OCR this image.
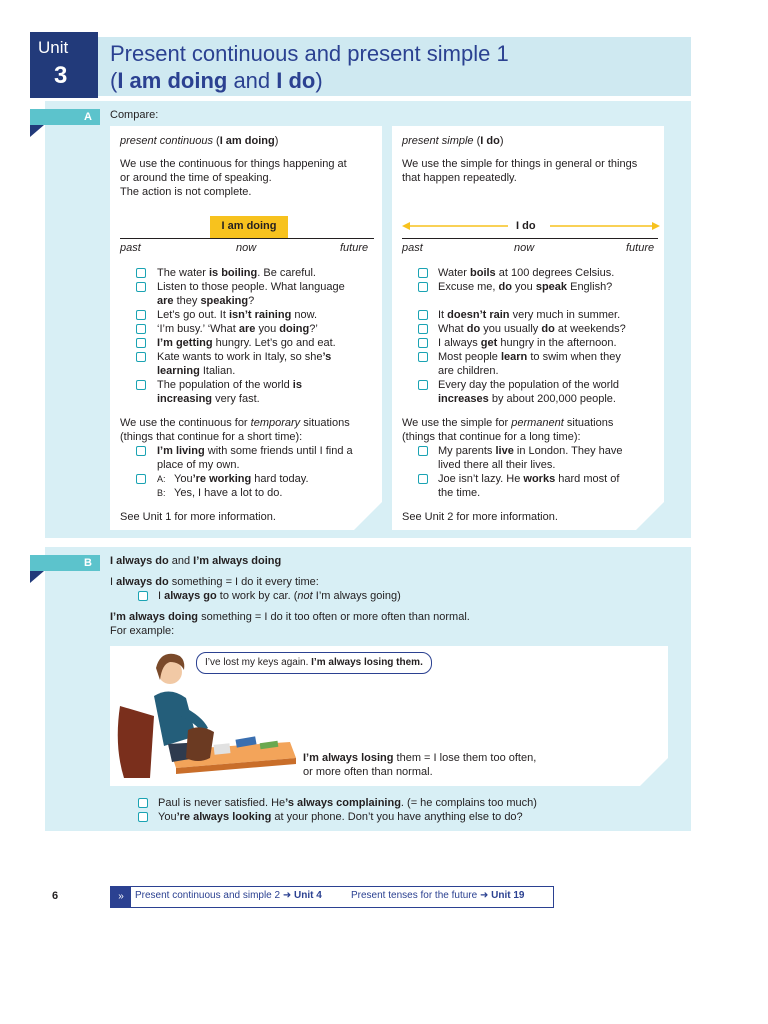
Unit
3
Present continuous and present simple 1
(I am doing and I do)
A	Compare:
present continuous (I am doing)
We use the continuous for things happening at
or around the time of speaking.
The action is not complete.
I am doing
past	now	future
The water is boiling. Be careful.
Listen to those people. What language
are they speaking?
Let’s go out. It isn’t raining now.
‘I’m busy.’ ‘What are you doing?’
I’m getting hungry. Let’s go and eat.
Kate wants to work in Italy, so she’s
learning Italian.
The population of the world is
increasing very fast.
We use the continuous for temporary situations
(things that continue for a short time):
I’m living with some friends until I find a
place of my own.
A: You’re working hard today.
B: Yes, I have a lot to do.
See Unit 1 for more information.
present simple (I do)
We use the simple for things in general or things
that happen repeatedly.
I do
past	now	future
Water boils at 100 degrees Celsius.
Excuse me, do you speak English?
It doesn’t rain very much in summer.
What do you usually do at weekends?
I always get hungry in the afternoon.
Most people learn to swim when they
are children.
Every day the population of the world
increases by about 200,000 people.
We use the simple for permanent situations
(things that continue for a long time):
My parents live in London. They have
lived there all their lives.
Joe isn’t lazy. He works hard most of
the time.
See Unit 2 for more information.
B	I always do and I’m always doing
I always do something = I do it every time:
I always go to work by car. (not I’m always going)
I’m always doing something = I do it too often or more often than normal.
For example:
I’ve lost my keys again. I’m always losing them.
I’m always losing them = I lose them too often,
or more often than normal.
Paul is never satisfied. He’s always complaining. (= he complains too much)
You’re always looking at your phone. Don’t you have anything else to do?
6	»	Present continuous and simple 2 ➜ Unit 4	Present tenses for the future ➜ Unit 19
